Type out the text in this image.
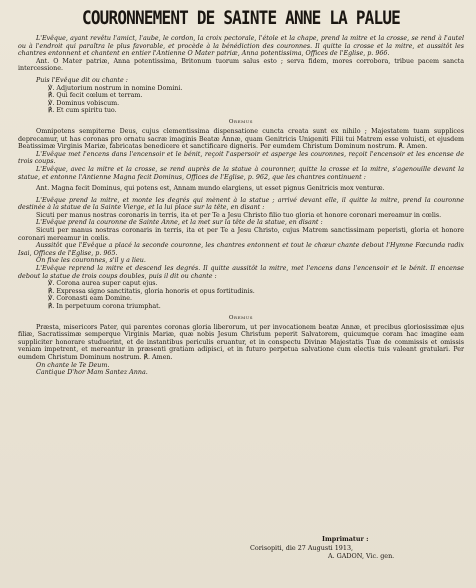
COURONNEMENT DE SAINTE ANNE LA PALUE

L'Evêque, ayant revêtu l'amict, l'aube, le cordon, la croix pectorale, l'étole et la chape, prend la mitre et la crosse, se rend à l'autel ou à l'endroit qui paraîtra le plus favorable, et procède à la bénédiction des couronnes. Il quitte la crosse et la mitre, et aussitôt les chantres entonnent et chantent en entier l'Antienne O Mater patriæ, Anna potentissima, Offices de l'Eglise, p. 966.

Ant. O Mater patriæ, Anna potentissima, Britonum tuorum salus esto ; serva fidem, mores corrobora, tribue pacem sancta intercessione.

Puis l'Evêque dit ou chante :

℣. Adjutorium nostrum in nomine Domini.

℟. Qui fecit cœlum et terram.

℣. Dominus vobiscum.

℟. Et cum spiritu tuo.

Oremus

Omnipotens sempiterne Deus, cujus clementissima dispensatione cuncta creata sunt ex nihilo ; Majestatem tuam supplices deprecamur, ut has coronas pro ornatu sacræ imaginis Beatæ Annæ, quam Genitricis Unigeniti Filii tui Matrem esse voluisti, et ejusdem Beatissimæ Virginis Mariæ, fabricatas benedicere et sanctificare digneris. Per eumdem Christum Dominum nostrum. ℟. Amen.

L'Evêque met l'encens dans l'encensoir et le bénit, reçoit l'aspersoir et asperge les couronnes, reçoit l'encensoir et les encense de trois coups.

L'Evêque, avec la mitre et la crosse, se rend auprès de la statue à couronner, quitte la crosse et la mitre, s'agenouille devant la statue, et entonne l'Antienne Magna fecit Dominus, Offices de l'Eglise, p. 962, que les chantres continuent :

Ant. Magna fecit Dominus, qui potens est, Annam mundo elargiens, ut esset pignus Genitricis mox venturæ.

L'Evêque prend la mitre, et monte les degrés qui mènent à la statue ; arrivé devant elle, il quitte la mitre, prend la couronne destinée à la statue de la Sainte Vierge, et la lui place sur la tête, en disant :

Sicuti per manus nostras coronaris in terris, ita et per Te a Jesu Christo filio tuo gloria et honore coronari mereamur in cœlis.

L'Evêque prend la couronne de Sainte Anne, et la met sur la tête de la statue, en disant :

Sicuti per manus nostras coronaris in terris, ita et per Te a Jesu Christo, cujus Matrem sanctissimam peperisti, gloria et honore coronari mereamur in cœlis.

Aussitôt que l'Evêque a placé la seconde couronne, les chantres entonnent et tout le chœur chante debout l'Hymne Fœcunda radix Isai, Offices de l'Eglise, p. 965.

On fixe les couronnes, s'il y a lieu.

L'Evêque reprend la mitre et descend les degrés. Il quitte aussitôt la mitre, met l'encens dans l'encensoir et le bénit. Il encense debout la statue de trois coups doubles, puis il dit ou chante :

℣. Corona aurea super caput ejus.

℟. Expressa signo sanctitatis, gloria honoris et opus fortitudinis.

℣. Coronasti eam Domine.

℟. In perpetuum corona triumphat.

Oremus

Præsta, misericors Pater, qui parentes coronas gloria liberorum, ut per invocationem beatæ Annæ, et precibus gloriosissimæ ejus filiæ, Sacratissimæ semperque Virginis Mariæ, quæ nobis Jesum Christum peperit Salvatorem, quicumque coram hac imagine eam suppliciter honorare studuerint, et de instantibus periculis eruantur, et in conspectu Divinæ Majestatis Tuæ de commissis et omissis veniam impetrent, et mereantur in præsenti gratiam adipisci, et in futuro perpetua salvatione cum electis tuis valeant gratulari. Per eumdem Christum Dominum nostrum. ℟. Amen.

On chante le Te Deum.

Cantique D'hor Mam Santez Anna.

Imprimatur :
Corisopiti, die 27 Augusti 1913,
A. GADON, Vic. gen.
